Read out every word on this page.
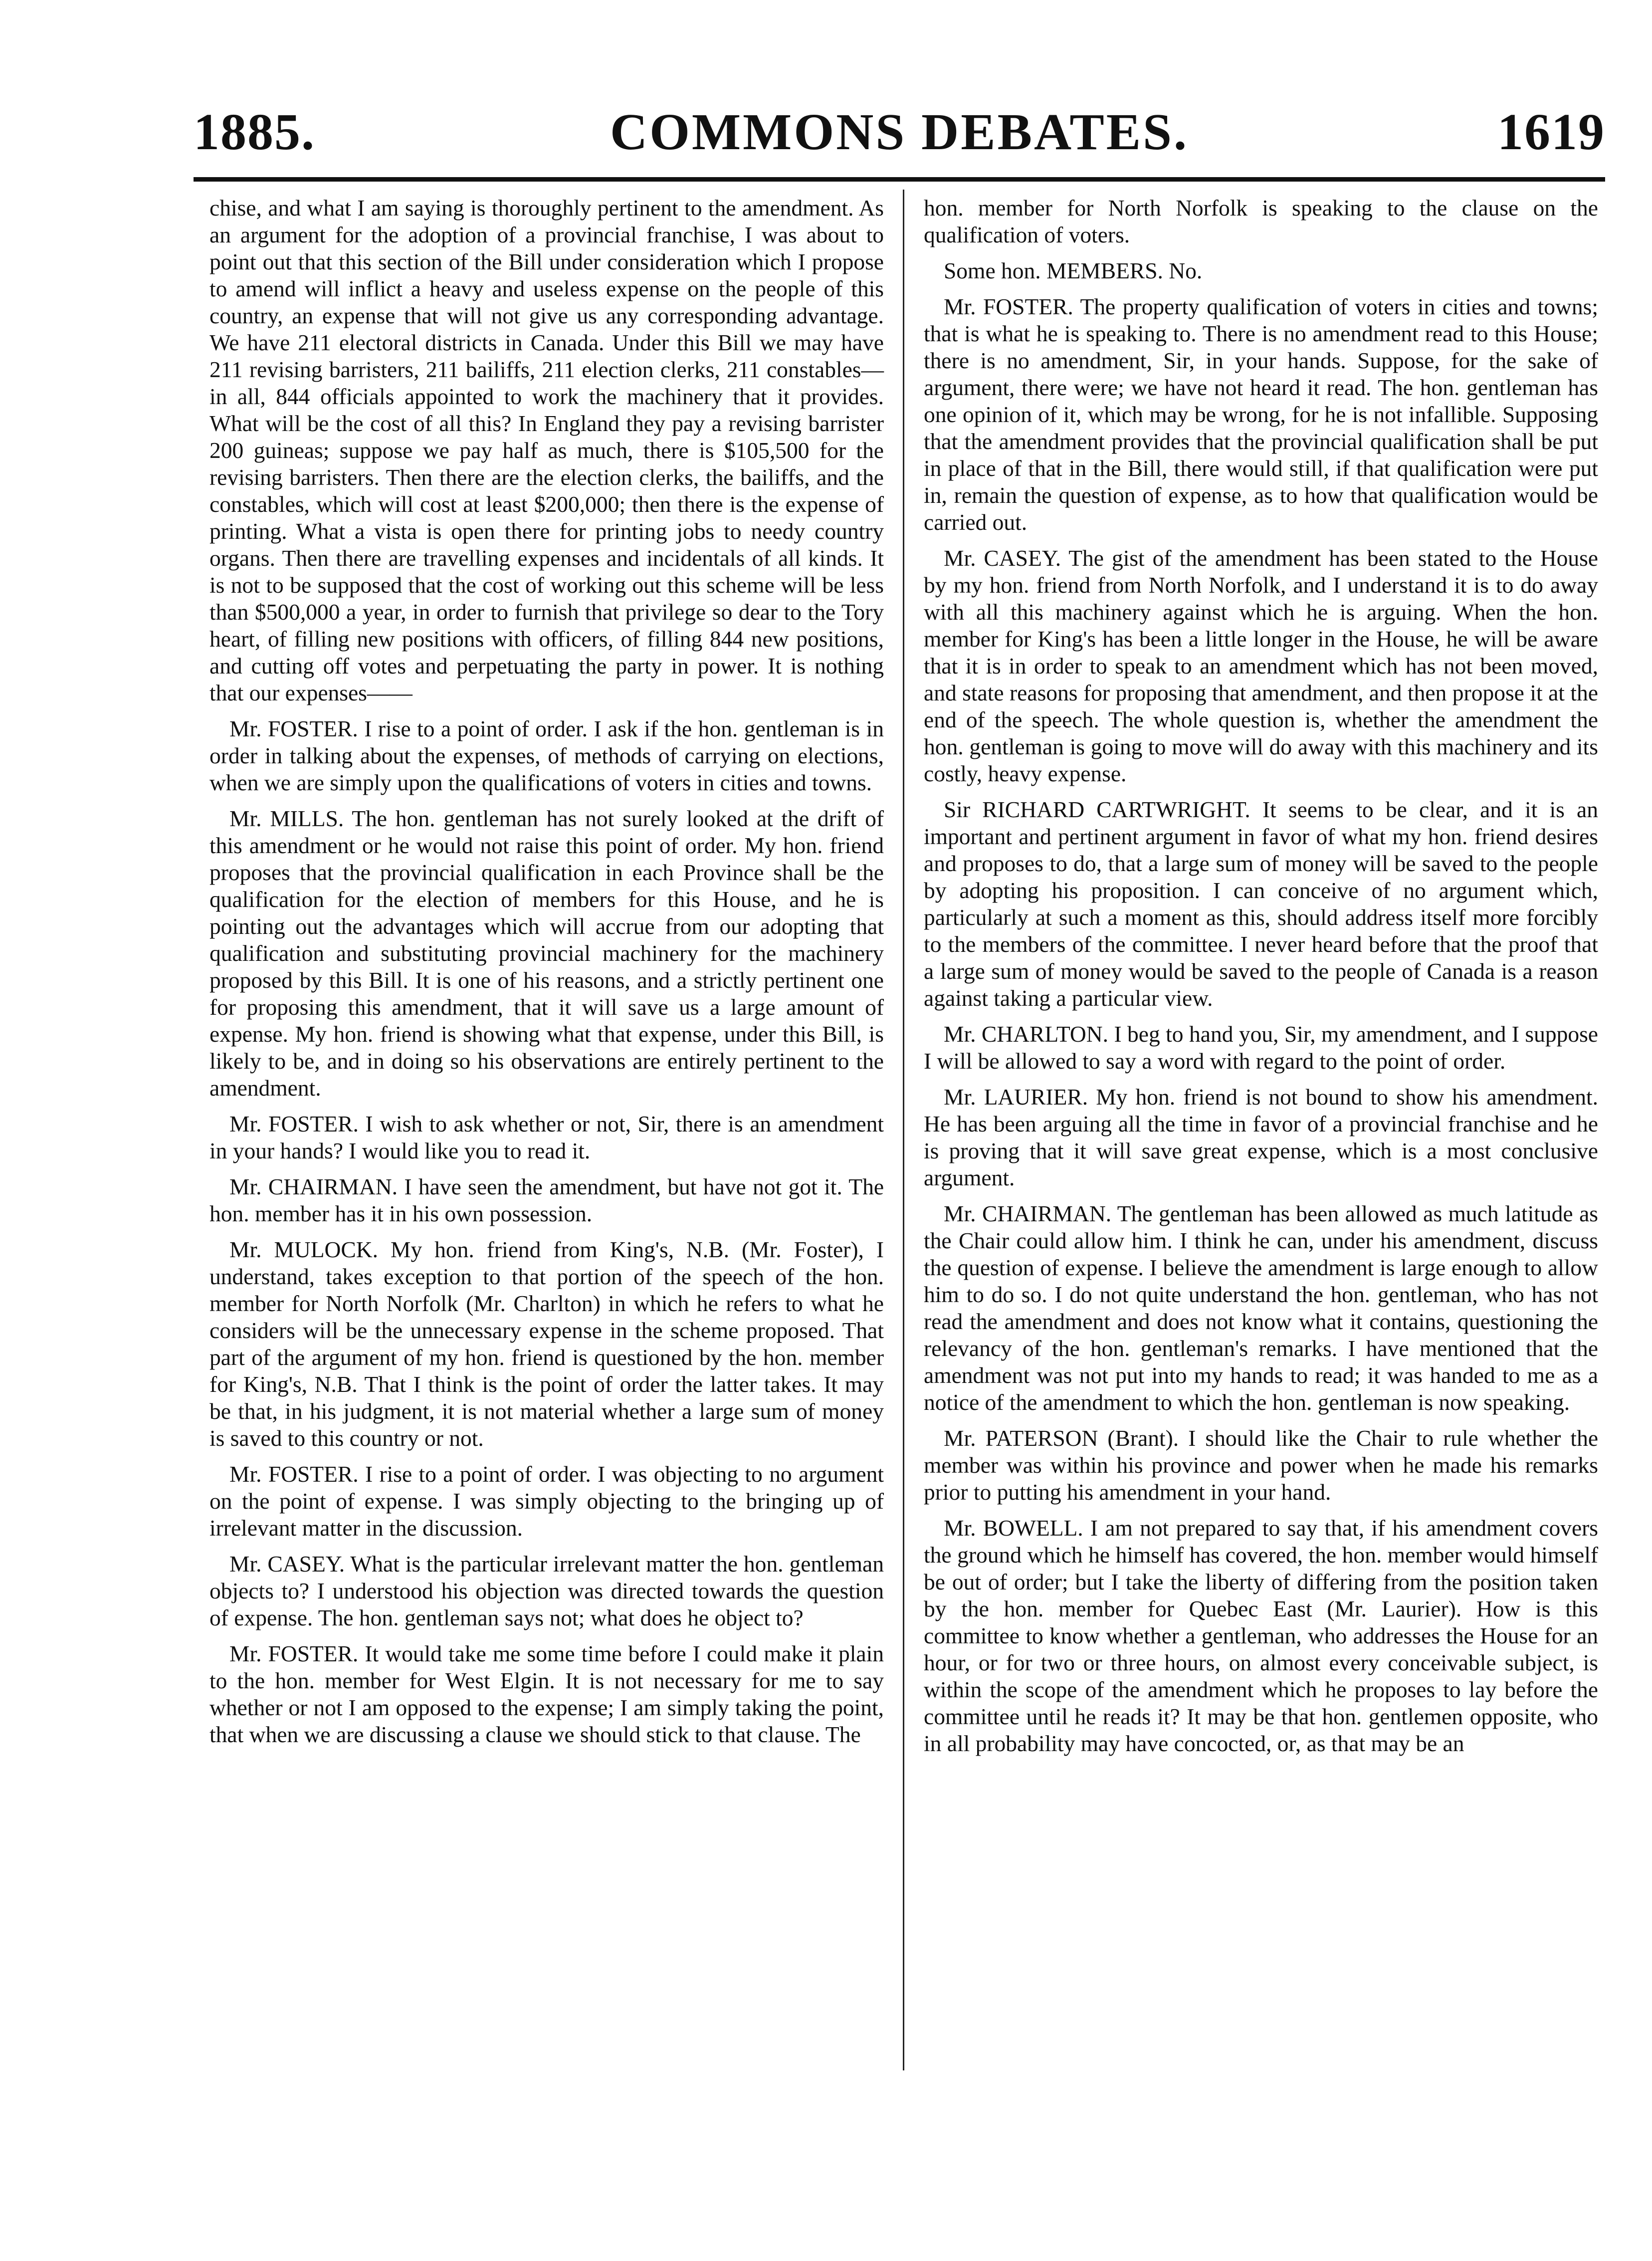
1885.	COMMONS DEBATES.	1619

chise, and what I am saying is thoroughly pertinent to the amendment. As an argument for the adoption of a provincial franchise, I was about to point out that this section of the Bill under consideration which I propose to amend will inflict a heavy and useless expense on the people of this country, an expense that will not give us any corresponding advantage. We have 211 electoral districts in Canada. Under this Bill we may have 211 revising barristers, 211 bailiffs, 211 election clerks, 211 constables—in all, 844 officials appointed to work the machinery that it provides. What will be the cost of all this? In England they pay a revising barrister 200 guineas; suppose we pay half as much, there is $105,500 for the revising barristers. Then there are the election clerks, the bailiffs, and the constables, which will cost at least $200,000; then there is the expense of printing. What a vista is open there for printing jobs to needy country organs. Then there are travelling expenses and incidentals of all kinds. It is not to be supposed that the cost of working out this scheme will be less than $500,000 a year, in order to furnish that privilege so dear to the Tory heart, of filling new positions with officers, of filling 844 new positions, and cutting off votes and perpetuating the party in power. It is nothing that our expenses——

Mr. FOSTER. I rise to a point of order. I ask if the hon. gentleman is in order in talking about the expenses, of methods of carrying on elections, when we are simply upon the qualifications of voters in cities and towns.

Mr. MILLS. The hon. gentleman has not surely looked at the drift of this amendment or he would not raise this point of order. My hon. friend proposes that the provincial qualification in each Province shall be the qualification for the election of members for this House, and he is pointing out the advantages which will accrue from our adopting that qualification and substituting provincial machinery for the machinery proposed by this Bill. It is one of his reasons, and a strictly pertinent one for proposing this amendment, that it will save us a large amount of expense. My hon. friend is showing what that expense, under this Bill, is likely to be, and in doing so his observations are entirely pertinent to the amendment.

Mr. FOSTER. I wish to ask whether or not, Sir, there is an amendment in your hands? I would like you to read it.

Mr. CHAIRMAN. I have seen the amendment, but have not got it. The hon. member has it in his own possession.

Mr. MULOCK. My hon. friend from King's, N.B. (Mr. Foster), I understand, takes exception to that portion of the speech of the hon. member for North Norfolk (Mr. Charlton) in which he refers to what he considers will be the unnecessary expense in the scheme proposed. That part of the argument of my hon. friend is questioned by the hon. member for King's, N.B. That I think is the point of order the latter takes. It may be that, in his judgment, it is not material whether a large sum of money is saved to this country or not.

Mr. FOSTER. I rise to a point of order. I was objecting to no argument on the point of expense. I was simply objecting to the bringing up of irrelevant matter in the discussion.

Mr. CASEY. What is the particular irrelevant matter the hon. gentleman objects to? I understood his objection was directed towards the question of expense. The hon. gentleman says not; what does he object to?

Mr. FOSTER. It would take me some time before I could make it plain to the hon. member for West Elgin. It is not necessary for me to say whether or not I am opposed to the expense; I am simply taking the point, that when we are discussing a clause we should stick to that clause. The

hon. member for North Norfolk is speaking to the clause on the qualification of voters.

Some hon. MEMBERS. No.

Mr. FOSTER. The property qualification of voters in cities and towns; that is what he is speaking to. There is no amendment read to this House; there is no amendment, Sir, in your hands. Suppose, for the sake of argument, there were; we have not heard it read. The hon. gentleman has one opinion of it, which may be wrong, for he is not infallible. Supposing that the amendment provides that the provincial qualification shall be put in place of that in the Bill, there would still, if that qualification were put in, remain the question of expense, as to how that qualification would be carried out.

Mr. CASEY. The gist of the amendment has been stated to the House by my hon. friend from North Norfolk, and I understand it is to do away with all this machinery against which he is arguing. When the hon. member for King's has been a little longer in the House, he will be aware that it is in order to speak to an amendment which has not been moved, and state reasons for proposing that amendment, and then propose it at the end of the speech. The whole question is, whether the amendment the hon. gentleman is going to move will do away with this machinery and its costly, heavy expense.

Sir RICHARD CARTWRIGHT. It seems to be clear, and it is an important and pertinent argument in favor of what my hon. friend desires and proposes to do, that a large sum of money will be saved to the people by adopting his proposition. I can conceive of no argument which, particularly at such a moment as this, should address itself more forcibly to the members of the committee. I never heard before that the proof that a large sum of money would be saved to the people of Canada is a reason against taking a particular view.

Mr. CHARLTON. I beg to hand you, Sir, my amendment, and I suppose I will be allowed to say a word with regard to the point of order.

Mr. LAURIER. My hon. friend is not bound to show his amendment. He has been arguing all the time in favor of a provincial franchise and he is proving that it will save great expense, which is a most conclusive argument.

Mr. CHAIRMAN. The gentleman has been allowed as much latitude as the Chair could allow him. I think he can, under his amendment, discuss the question of expense. I believe the amendment is large enough to allow him to do so. I do not quite understand the hon. gentleman, who has not read the amendment and does not know what it contains, questioning the relevancy of the hon. gentleman's remarks. I have mentioned that the amendment was not put into my hands to read; it was handed to me as a notice of the amendment to which the hon. gentleman is now speaking.

Mr. PATERSON (Brant). I should like the Chair to rule whether the member was within his province and power when he made his remarks prior to putting his amendment in your hand.

Mr. BOWELL. I am not prepared to say that, if his amendment covers the ground which he himself has covered, the hon. member would himself be out of order; but I take the liberty of differing from the position taken by the hon. member for Quebec East (Mr. Laurier). How is this committee to know whether a gentleman, who addresses the House for an hour, or for two or three hours, on almost every conceivable subject, is within the scope of the amendment which he proposes to lay before the committee until he reads it? It may be that hon. gentlemen opposite, who in all probability may have concocted, or, as that may be an
